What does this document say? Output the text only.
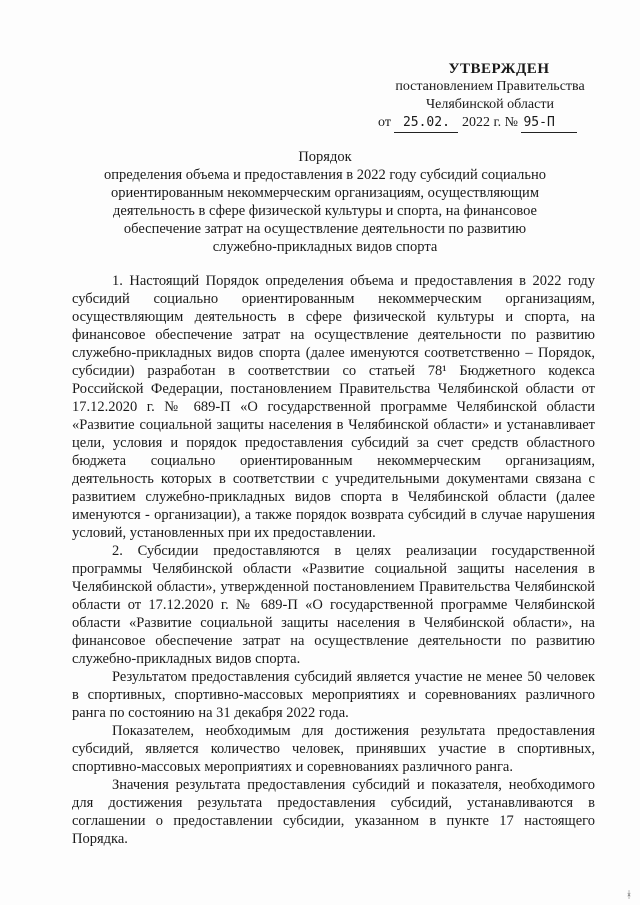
УТВЕРЖДЕН
постановлением Правительства
Челябинской области
от 25.02. 2022 г. № 95-П
Порядок
определения объема и предоставления в 2022 году субсидий социально
ориентированным некоммерческим организациям, осуществляющим
деятельность в сфере физической культуры и спорта, на финансовое
обеспечение затрат на осуществление деятельности по развитию
служебно-прикладных видов спорта

1. Настоящий Порядок определения объема и предоставления в 2022 году субсидий социально ориентированным некоммерческим организациям, осуществляющим деятельность в сфере физической культуры и спорта, на финансовое обеспечение затрат на осуществление деятельности по развитию служебно-прикладных видов спорта (далее именуются соответственно – Порядок, субсидии) разработан в соответствии со статьей 78¹ Бюджетного кодекса Российской Федерации, постановлением Правительства Челябинской области от 17.12.2020 г. № 689-П «О государственной программе Челябинской области «Развитие социальной защиты населения в Челябинской области» и устанавливает цели, условия и порядок предоставления субсидий за счет средств областного бюджета социально ориентированным некоммерческим организациям, деятельность которых в соответствии с учредительными документами связана с развитием служебно-прикладных видов спорта в Челябинской области (далее именуются - организации), а также порядок возврата субсидий в случае нарушения условий, установленных при их предоставлении.

2. Субсидии предоставляются в целях реализации государственной программы Челябинской области «Развитие социальной защиты населения в Челябинской области», утвержденной постановлением Правительства Челябинской области от 17.12.2020 г. № 689-П «О государственной программе Челябинской области «Развитие социальной защиты населения в Челябинской области», на финансовое обеспечение затрат на осуществление деятельности по развитию служебно-прикладных видов спорта.

Результатом предоставления субсидий является участие не менее 50 человек в спортивных, спортивно-массовых мероприятиях и соревнованиях различного ранга по состоянию на 31 декабря 2022 года.

Показателем, необходимым для достижения результата предоставления субсидий, является количество человек, принявших участие в спортивных, спортивно-массовых мероприятиях и соревнованиях различного ранга.

Значения результата предоставления субсидий и показателя, необходимого для достижения результата предоставления субсидий, устанавливаются в соглашении о предоставлении субсидии, указанном в пункте 17 настоящего Порядка.

ᚼ
